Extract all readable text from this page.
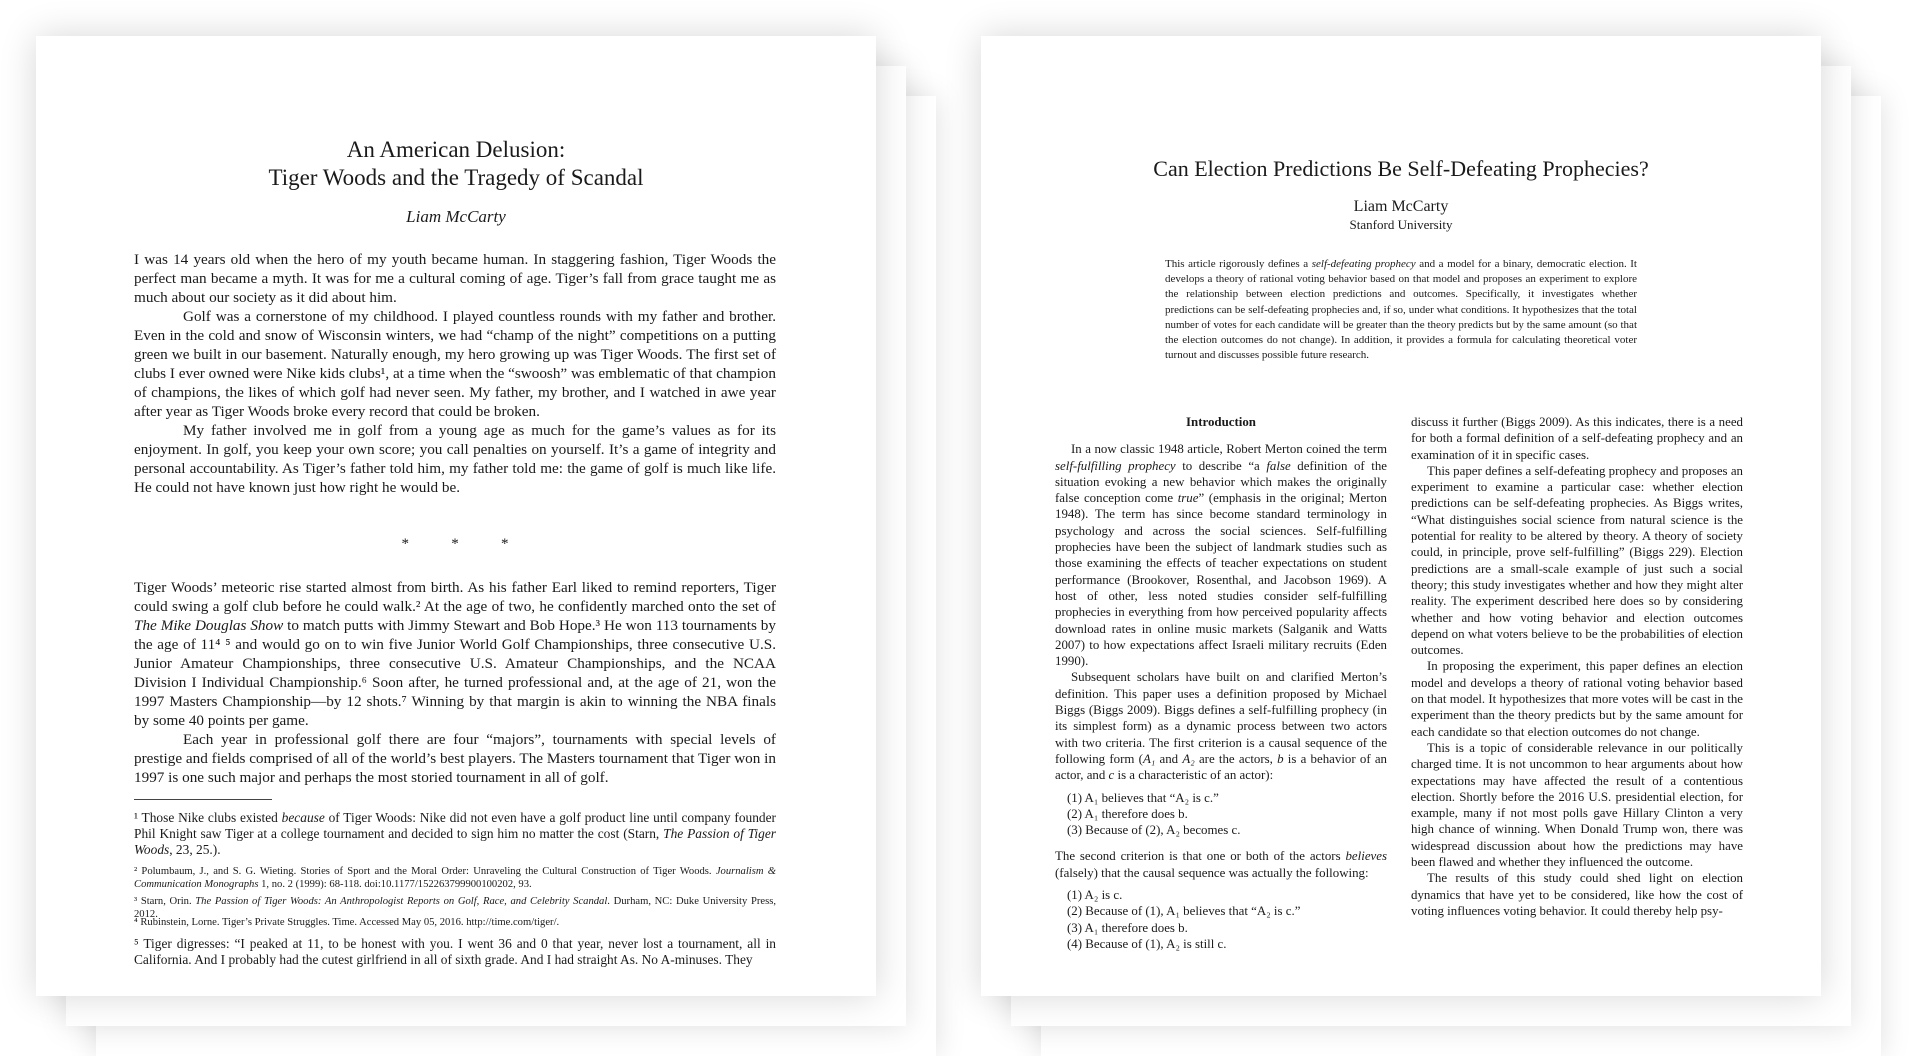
An American Delusion:
Tiger Woods and the Tragedy of Scandal
Liam McCarty

I was 14 years old when the hero of my youth became human. In staggering fashion, Tiger Woods the perfect man became a myth. It was for me a cultural coming of age. Tiger’s fall from grace taught me as much about our society as it did about him.

Golf was a cornerstone of my childhood. I played countless rounds with my father and brother. Even in the cold and snow of Wisconsin winters, we had “champ of the night” competitions on a putting green we built in our basement. Naturally enough, my hero growing up was Tiger Woods. The first set of clubs I ever owned were Nike kids clubs¹, at a time when the “swoosh” was emblematic of that champion of champions, the likes of which golf had never seen. My father, my brother, and I watched in awe year after year as Tiger Woods broke every record that could be broken.

My father involved me in golf from a young age as much for the game’s values as for its enjoyment. In golf, you keep your own score; you call penalties on yourself. It’s a game of integrity and personal accountability. As Tiger’s father told him, my father told me: the game of golf is much like life. He could not have known just how right he would be.

*       *       *

Tiger Woods’ meteoric rise started almost from birth. As his father Earl liked to remind reporters, Tiger could swing a golf club before he could walk.² At the age of two, he confidently marched onto the set of The Mike Douglas Show to match putts with Jimmy Stewart and Bob Hope.³ He won 113 tournaments by the age of 11⁴ ⁵ and would go on to win five Junior World Golf Championships, three consecutive U.S. Junior Amateur Championships, three consecutive U.S. Amateur Championships, and the NCAA Division I Individual Championship.⁶ Soon after, he turned professional and, at the age of 21, won the 1997 Masters Championship—by 12 shots.⁷ Winning by that margin is akin to winning the NBA finals by some 40 points per game.

Each year in professional golf there are four “majors”, tournaments with special levels of prestige and fields comprised of all of the world’s best players. The Masters tournament that Tiger won in 1997 is one such major and perhaps the most storied tournament in all of golf.

¹ Those Nike clubs existed because of Tiger Woods: Nike did not even have a golf product line until company founder Phil Knight saw Tiger at a college tournament and decided to sign him no matter the cost (Starn, The Passion of Tiger Woods, 23, 25.).
² Polumbaum, J., and S. G. Wieting. Stories of Sport and the Moral Order: Unraveling the Cultural Construction of Tiger Woods. Journalism & Communication Monographs 1, no. 2 (1999): 68-118. doi:10.1177/152263799900100202, 93.
³ Starn, Orin. The Passion of Tiger Woods: An Anthropologist Reports on Golf, Race, and Celebrity Scandal. Durham, NC: Duke University Press, 2012.
⁴ Rubinstein, Lorne. Tiger’s Private Struggles. Time. Accessed May 05, 2016. http://time.com/tiger/.
⁵ Tiger digresses: “I peaked at 11, to be honest with you. I went 36 and 0 that year, never lost a tournament, all in California. And I probably had the cutest girlfriend in all of sixth grade. And I had straight As. No A-minuses. They
Can Election Predictions Be Self-Defeating Prophecies?
Liam McCarty
Stanford University
This article rigorously defines a self-defeating prophecy and a model for a binary, democratic election. It develops a theory of rational voting behavior based on that model and proposes an experiment to explore the relationship between election predictions and outcomes. Specifically, it investigates whether predictions can be self-defeating prophecies and, if so, under what conditions. It hypothesizes that the total number of votes for each candidate will be greater than the theory predicts but by the same amount (so that the election outcomes do not change). In addition, it provides a formula for calculating theoretical voter turnout and discusses possible future research.
Introduction

In a now classic 1948 article, Robert Merton coined the term self-fulfilling prophecy to describe “a false definition of the situation evoking a new behavior which makes the originally false conception come true” (emphasis in the original; Merton 1948). The term has since become standard terminology in psychology and across the social sciences. Self-fulfilling prophecies have been the subject of landmark studies such as those examining the effects of teacher expectations on student performance (Brookover, Rosenthal, and Jacobson 1969). A host of other, less noted studies consider self-fulfilling prophecies in everything from how perceived popularity affects download rates in online music markets (Salganik and Watts 2007) to how expectations affect Israeli military recruits (Eden 1990).

Subsequent scholars have built on and clarified Merton’s definition. This paper uses a definition proposed by Michael Biggs (Biggs 2009). Biggs defines a self-fulfilling prophecy (in its simplest form) as a dynamic process between two actors with two criteria. The first criterion is a causal sequence of the following form (A₁ and A₂ are the actors, b is a behavior of an actor, and c is a characteristic of an actor):

(1) A₁ believes that “A₂ is c.”
(2) A₁ therefore does b.
(3) Because of (2), A₂ becomes c.

The second criterion is that one or both of the actors believes (falsely) that the causal sequence was actually the following:

(1) A₂ is c.
(2) Because of (1), A₁ believes that “A₂ is c.”
(3) A₁ therefore does b.
(4) Because of (1), A₂ is still c.

discuss it further (Biggs 2009). As this indicates, there is a need for both a formal definition of a self-defeating prophecy and an examination of it in specific cases.

This paper defines a self-defeating prophecy and proposes an experiment to examine a particular case: whether election predictions can be self-defeating prophecies. As Biggs writes, “What distinguishes social science from natural science is the potential for reality to be altered by theory. A theory of society could, in principle, prove self-fulfilling” (Biggs 229). Election predictions are a small-scale example of just such a social theory; this study investigates whether and how they might alter reality. The experiment described here does so by considering whether and how voting behavior and election outcomes depend on what voters believe to be the probabilities of election outcomes.

In proposing the experiment, this paper defines an election model and develops a theory of rational voting behavior based on that model. It hypothesizes that more votes will be cast in the experiment than the theory predicts but by the same amount for each candidate so that election outcomes do not change.

This is a topic of considerable relevance in our politically charged time. It is not uncommon to hear arguments about how expectations may have affected the result of a contentious election. Shortly before the 2016 U.S. presidential election, for example, many if not most polls gave Hillary Clinton a very high chance of winning. When Donald Trump won, there was widespread discussion about how the predictions may have been flawed and whether they influenced the outcome.

The results of this study could shed light on election dynamics that have yet to be considered, like how the cost of voting influences voting behavior. It could thereby help psy-
